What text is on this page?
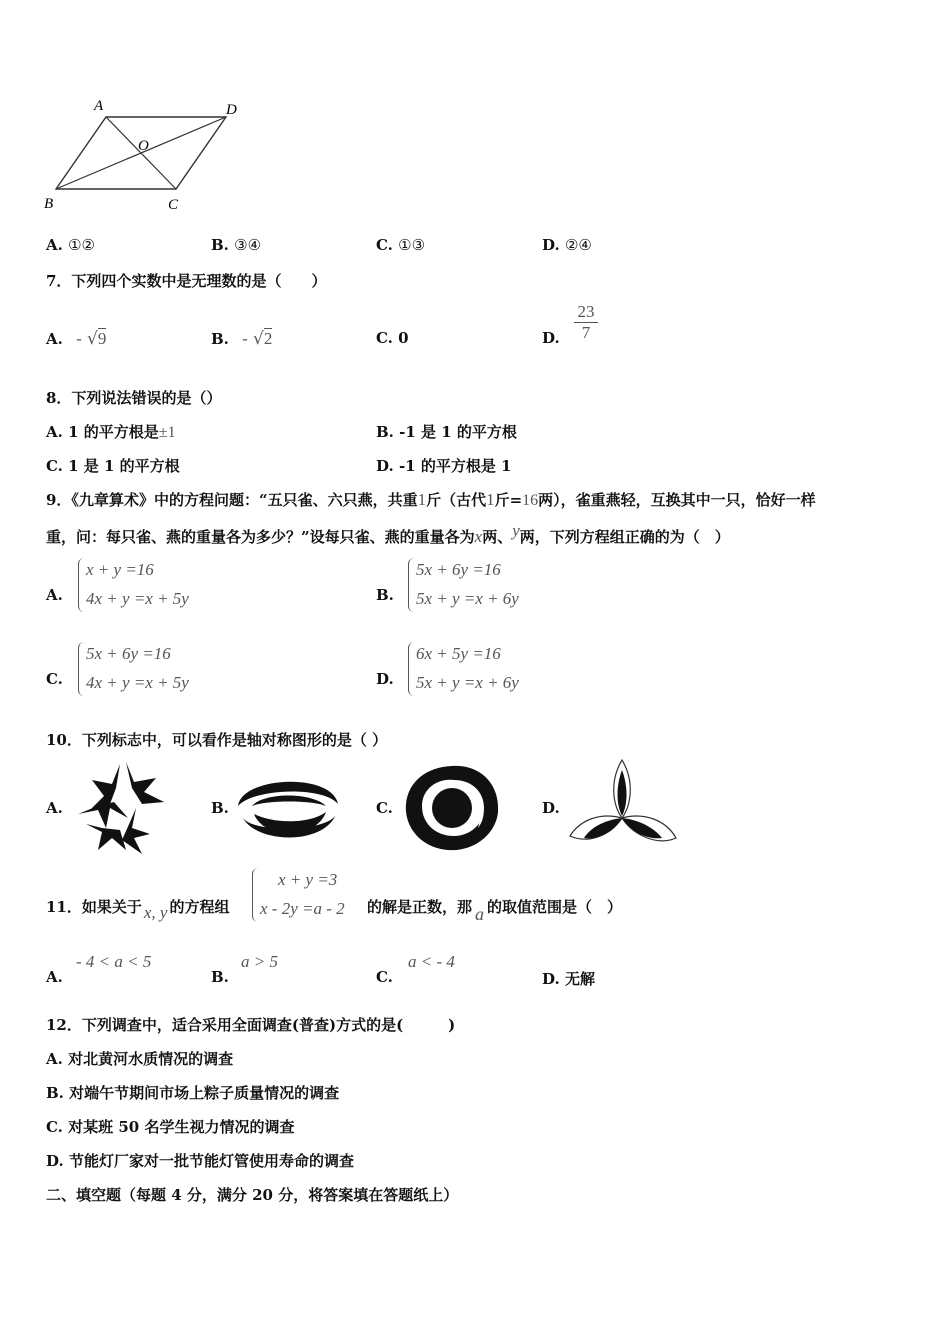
A	D
O
B	C
A. ①②	B. ③④	C. ①③	D. ②④
7．下列四个实数中是无理数的是（　　）
A. - √9	B. - √2	C. 0	D.
23
7
8．下列说法错误的是（）
A. 1 的平方根是±1	B. -1 是 1 的平方根
C. 1 是 1 的平方根	D. -1 的平方根是 1
9．《九章算术》中的方程问题：“五只雀、六只燕，共重1斤（古代1斤=16两），雀重燕轻，互换其中一只，恰好一样
重，问：每只雀、燕的重量各为多少？”设每只雀、燕的重量各为x两、y两，下列方程组正确的为（　）
A.
x + y =16
4x + y =x + 5y	B.
5x + 6y =16
5x + y =x + 6y
C.
5x + 6y =16
4x + y =x + 5y	D.
6x + 5y =16
5x + y =x + 6y
10．下列标志中，可以看作是轴对称图形的是（ ）
A.	B.	C.	D.
11．如果关于 x, y 的方程组
x + y =3
x - 2y =a - 2 的解是正数，那 a 的取值范围是（　）
A.
- 4 < a < 5
B.
a > 5
C.
a < - 4
D. 无解
12．下列调查中，适合采用全面调查(普查)方式的是(　　　)
A. 对北黄河水质情况的调查
B. 对端午节期间市场上粽子质量情况的调查
C. 对某班 50 名学生视力情况的调查
D. 节能灯厂家对一批节能灯管使用寿命的调查
二、填空题（每题 4 分，满分 20 分，将答案填在答题纸上）
